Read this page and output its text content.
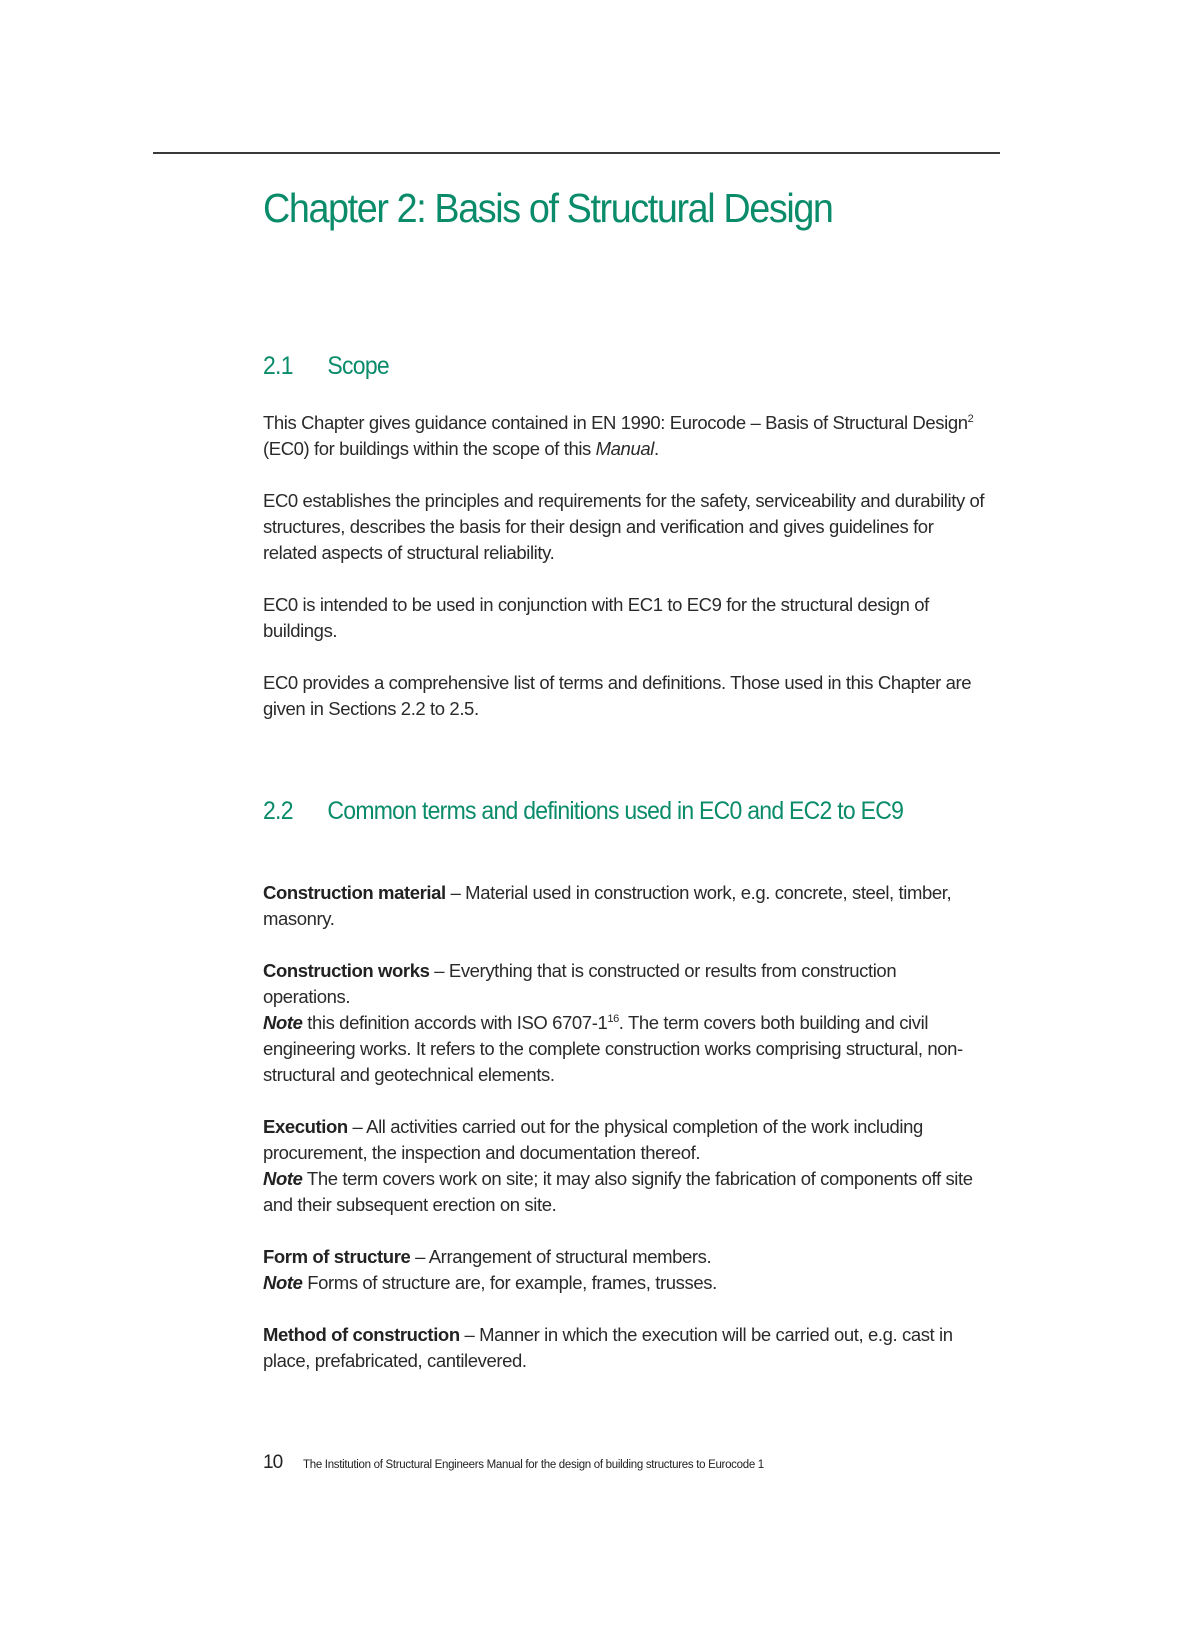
Chapter 2: Basis of Structural Design
2.1 Scope

This Chapter gives guidance contained in EN 1990: Eurocode – Basis of Structural Design$^2$ (EC0) for buildings within the scope of this Manual.

EC0 establishes the principles and requirements for the safety, serviceability and durability of structures, describes the basis for their design and verification and gives guidelines for related aspects of structural reliability.

EC0 is intended to be used in conjunction with EC1 to EC9 for the structural design of buildings.

EC0 provides a comprehensive list of terms and definitions. Those used in this Chapter are given in Sections 2.2 to 2.5.

2.2 Common terms and definitions used in EC0 and EC2 to EC9

Construction material – Material used in construction work, e.g. concrete, steel, timber, masonry.

Construction works – Everything that is constructed or results from construction operations.
Note this definition accords with ISO $6707-1^{16}$. The term covers both building and civil engineering works. It refers to the complete construction works comprising structural, non-structural and geotechnical elements.

Execution – All activities carried out for the physical completion of the work including procurement, the inspection and documentation thereof.
Note The term covers work on site; it may also signify the fabrication of components off site and their subsequent erection on site.

Form of structure – Arrangement of structural members.
Note Forms of structure are, for example, frames, trusses.

Method of construction – Manner in which the execution will be carried out, e.g. cast in place, prefabricated, cantilevered.

10 The Institution of Structural Engineers Manual for the design of building structures to Eurocode 1
